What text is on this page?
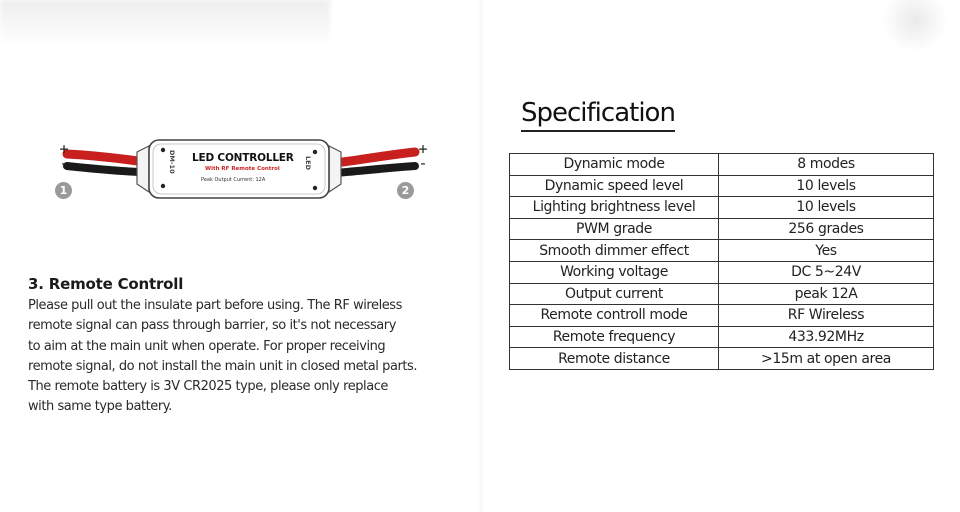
+
-
+
-
1	2
DM-10	LED
LED CONTROLLER
With RF Remote Control
Peak Output Current: 12A
3. Remote Controll
Please pull out the insulate part before using. The RF wireless
remote signal can pass through barrier, so it's not necessary
to aim at the main unit when operate. For proper receiving
remote signal, do not install the main unit in closed metal parts.
The remote battery is 3V CR2025 type, please only replace
with same type battery.
Specification
Dynamic mode	8 modes
Dynamic speed level	10 levels
Lighting brightness level	10 levels
PWM grade	256 grades
Smooth dimmer effect	Yes
Working voltage	DC 5~24V
Output current	peak 12A
Remote controll mode	RF Wireless
Remote frequency	433.92MHz
Remote distance	>15m at open area
